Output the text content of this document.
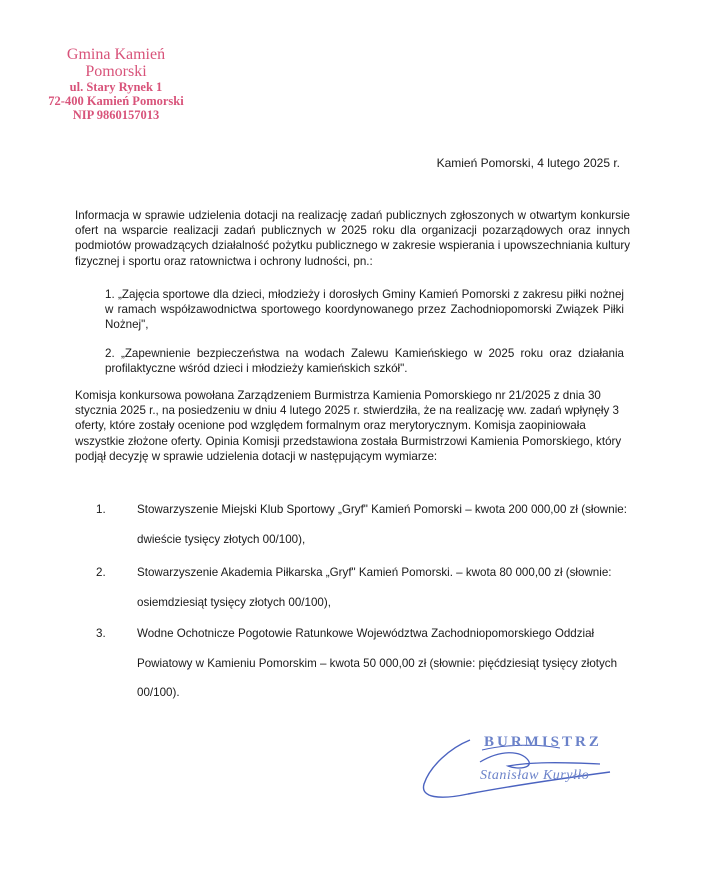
Gmina Kamień Pomorski
ul. Stary Rynek 1
72-400 Kamień Pomorski
NIP 9860157013
Kamień Pomorski, 4 lutego 2025 r.
Informacja w sprawie udzielenia dotacji na realizację zadań publicznych zgłoszonych w otwartym konkursie ofert na wsparcie realizacji zadań publicznych w 2025 roku dla organizacji pozarządowych oraz innych podmiotów prowadzących działalność pożytku publicznego w zakresie wspierania i upowszechniania kultury fizycznej i sportu oraz ratownictwa i ochrony ludności, pn.:
1. „Zajęcia sportowe dla dzieci, młodzieży i dorosłych Gminy Kamień Pomorski z zakresu piłki nożnej w ramach współzawodnictwa sportowego koordynowanego przez Zachodniopomorski Związek Piłki Nożnej",
2. „Zapewnienie bezpieczeństwa na wodach Zalewu Kamieńskiego w 2025 roku oraz działania profilaktyczne wśród dzieci i młodzieży kamieńskich szkół".
Komisja konkursowa powołana Zarządzeniem Burmistrza Kamienia Pomorskiego nr 21/2025 z dnia 30 stycznia 2025 r., na posiedzeniu w dniu 4 lutego 2025 r. stwierdziła, że na realizację ww. zadań wpłynęły 3 oferty, które zostały ocenione pod względem formalnym oraz merytorycznym. Komisja zaopiniowała wszystkie złożone oferty. Opinia Komisji przedstawiona została Burmistrzowi Kamienia Pomorskiego, który podjął decyzję w sprawie udzielenia dotacji w następującym wymiarze:
1.	Stowarzyszenie Miejski Klub Sportowy „Gryf" Kamień Pomorski – kwota 200 000,00 zł (słownie:
dwieście tysięcy złotych 00/100),
2.	Stowarzyszenie Akademia Piłkarska „Gryf" Kamień Pomorski. – kwota 80 000,00 zł (słownie:
osiemdziesiąt tysięcy złotych 00/100),
3.	Wodne Ochotnicze Pogotowie Ratunkowe Województwa Zachodniopomorskiego Oddział
Powiatowy w Kamieniu Pomorskim – kwota 50 000,00 zł (słownie: pięćdziesiąt tysięcy złotych
00/100).
BURMISTRZ
Stanisław Kuryłło
